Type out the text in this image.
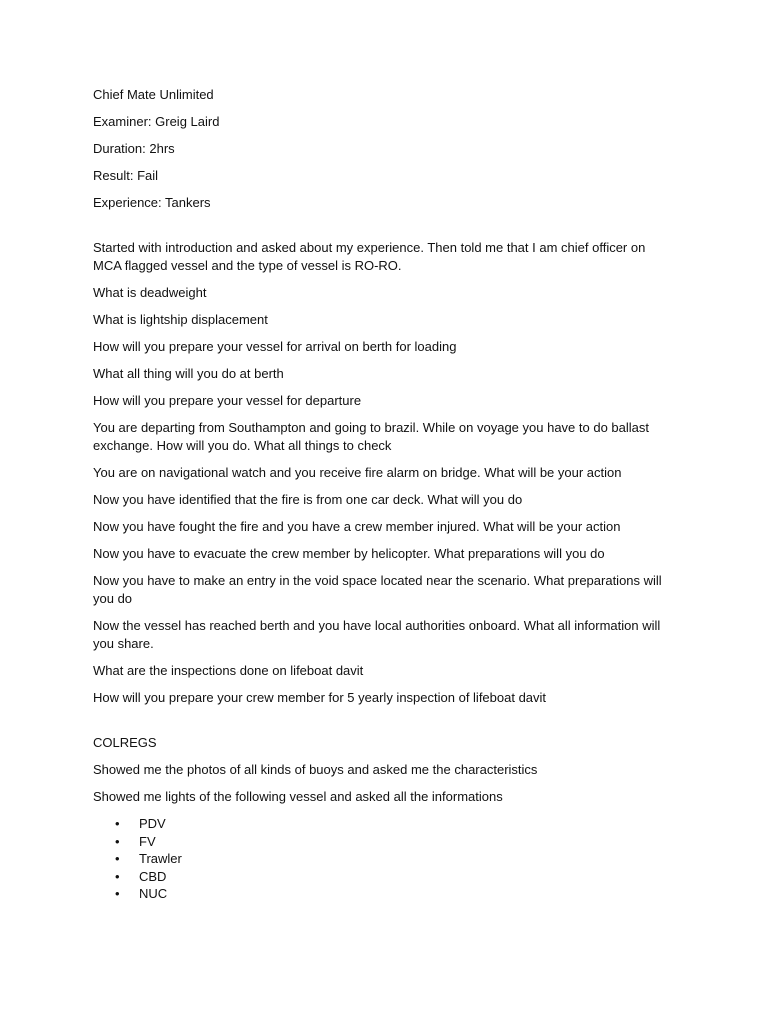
Chief Mate Unlimited

Examiner: Greig Laird

Duration: 2hrs

Result: Fail

Experience: Tankers

Started with introduction and asked about my experience. Then told me that I am chief officer on MCA flagged vessel and the type of vessel is RO-RO.

What is deadweight

What is lightship displacement

How will you prepare your vessel for arrival on berth for loading

What all thing will you do at berth

How will you prepare your vessel for departure

You are departing from Southampton and going to brazil. While on voyage you have to do ballast exchange. How will you do. What all things to check

You are on navigational watch and you receive fire alarm on bridge. What will be your action

Now you have identified that the fire is from one car deck. What will you do

Now you have fought the fire and you have a crew member injured. What will be your action

Now you have to evacuate the crew member by helicopter. What preparations will you do

Now you have to make an entry in the void space located near the scenario. What preparations will you do

Now the vessel has reached berth and you have local authorities onboard. What all information will you share.

What are the inspections done on lifeboat davit

How will you prepare your crew member for 5 yearly inspection of lifeboat davit

COLREGS

Showed me the photos of all kinds of buoys and asked me the characteristics

Showed me lights of the following vessel and asked all the informations

• PDV
• FV
• Trawler
• CBD
• NUC
